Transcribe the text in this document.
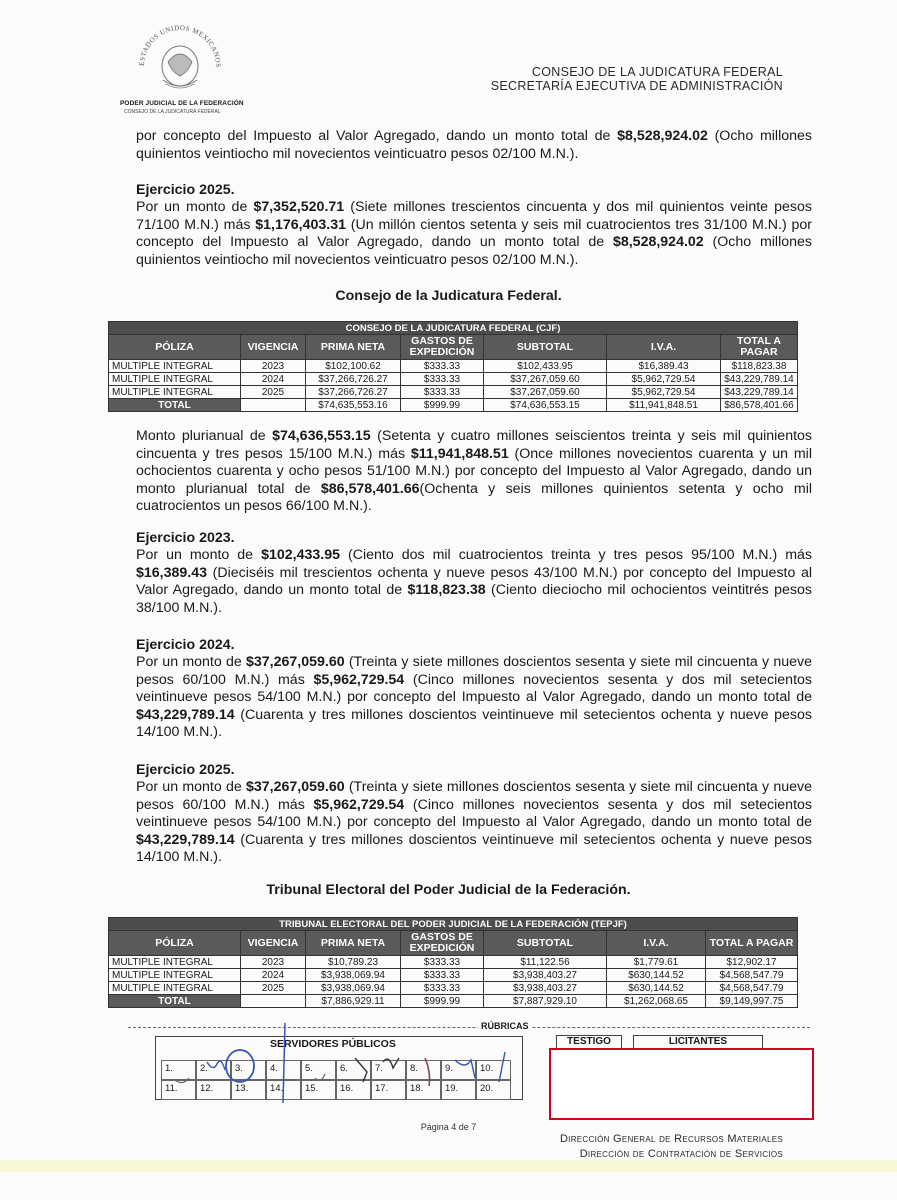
ESTADOS UNIDOS MEXICANOS
PODER JUDICIAL DE LA FEDERACIÓN
CONSEJO DE LA JUDICATURA FEDERAL
CONSEJO DE LA JUDICATURA FEDERAL
SECRETARÍA EJECUTIVA DE ADMINISTRACIÓN
por concepto del Impuesto al Valor Agregado, dando un monto total de $8,528,924.02 (Ocho millones quinientos veintiocho mil novecientos veinticuatro pesos 02/100 M.N.).
Ejercicio 2025.
Por un monto de $7,352,520.71 (Siete millones trescientos cincuenta y dos mil quinientos veinte pesos 71/100 M.N.) más $1,176,403.31 (Un millón cientos setenta y seis mil cuatrocientos tres 31/100 M.N.) por concepto del Impuesto al Valor Agregado, dando un monto total de $8,528,924.02 (Ocho millones quinientos veintiocho mil novecientos veinticuatro pesos 02/100 M.N.).
Consejo de la Judicatura Federal.
CONSEJO DE LA JUDICATURA FEDERAL (CJF)						
PÓLIZA	VIGENCIA	PRIMA NETA	GASTOS DE EXPEDICIÓN	SUBTOTAL	I.V.A.	TOTAL A PAGAR
MULTIPLE INTEGRAL	2023	$102,100.62	$333.33	$102,433.95	$16,389.43	$118,823.38
MULTIPLE INTEGRAL	2024	$37,266,726.27	$333.33	$37,267,059.60	$5,962,729.54	$43,229,789.14
MULTIPLE INTEGRAL	2025	$37,266,726.27	$333.33	$37,267,059.60	$5,962,729.54	$43,229,789.14
TOTAL		$74,635,553.16	$999.99	$74,636,553.15	$11,941,848.51	$86,578,401.66
Monto plurianual de $74,636,553.15 (Setenta y cuatro millones seiscientos treinta y seis mil quinientos cincuenta y tres pesos 15/100 M.N.) más $11,941,848.51 (Once millones novecientos cuarenta y un mil ochocientos cuarenta y ocho pesos 51/100 M.N.) por concepto del Impuesto al Valor Agregado, dando un monto plurianual total de $86,578,401.66(Ochenta y seis millones quinientos setenta y ocho mil cuatrocientos un pesos 66/100 M.N.).
Ejercicio 2023.
Por un monto de $102,433.95 (Ciento dos mil cuatrocientos treinta y tres pesos 95/100 M.N.) más $16,389.43 (Dieciséis mil trescientos ochenta y nueve pesos 43/100 M.N.) por concepto del Impuesto al Valor Agregado, dando un monto total de $118,823.38 (Ciento dieciocho mil ochocientos veintitrés pesos 38/100 M.N.).
Ejercicio 2024.
Por un monto de $37,267,059.60 (Treinta y siete millones doscientos sesenta y siete mil cincuenta y nueve pesos 60/100 M.N.) más $5,962,729.54 (Cinco millones novecientos sesenta y dos mil setecientos veintinueve pesos 54/100 M.N.) por concepto del Impuesto al Valor Agregado, dando un monto total de $43,229,789.14 (Cuarenta y tres millones doscientos veintinueve mil setecientos ochenta y nueve pesos 14/100 M.N.).
Ejercicio 2025.
Por un monto de $37,267,059.60 (Treinta y siete millones doscientos sesenta y siete mil cincuenta y nueve pesos 60/100 M.N.) más $5,962,729.54 (Cinco millones novecientos sesenta y dos mil setecientos veintinueve pesos 54/100 M.N.) por concepto del Impuesto al Valor Agregado, dando un monto total de $43,229,789.14 (Cuarenta y tres millones doscientos veintinueve mil setecientos ochenta y nueve pesos 14/100 M.N.).
Tribunal Electoral del Poder Judicial de la Federación.
TRIBUNAL ELECTORAL DEL PODER JUDICIAL DE LA FEDERACIÓN (TEPJF)						
PÓLIZA	VIGENCIA	PRIMA NETA	GASTOS DE EXPEDICIÓN	SUBTOTAL	I.V.A.	TOTAL A PAGAR
MULTIPLE INTEGRAL	2023	$10,789.23	$333.33	$11,122.56	$1,779.61	$12,902.17
MULTIPLE INTEGRAL	2024	$3,938,069.94	$333.33	$3,938,403.27	$630,144.52	$4,568,547.79
MULTIPLE INTEGRAL	2025	$3,938,069.94	$333.33	$3,938,403.27	$630,144.52	$4,568,547.79
TOTAL		$7,886,929.11	$999.99	$7,887,929.10	$1,262,068.65	$9,149,997.75
RÚBRICAS
SERVIDORES PÚBLICOS
1.	2.	3.	4.	5.	6.	7.	8.	9.	10.
11. 12. 13. 14. 15. 16. 17. 18. 19. 20.
TESTIGO	LICITANTES
Página 4 de 7
Dirección General de Recursos Materiales
Dirección de Contratación de Servicios
